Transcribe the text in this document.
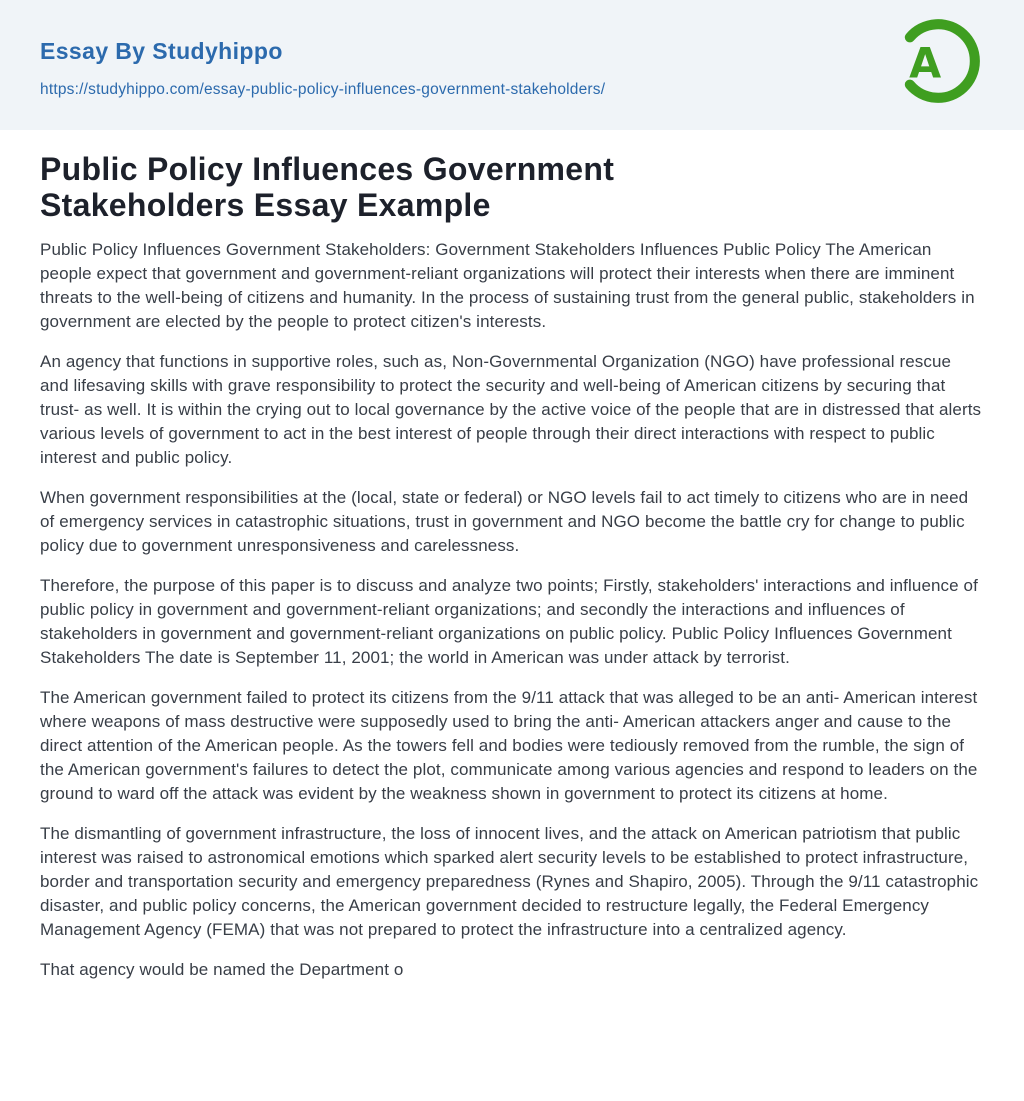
Essay By Studyhippo
https://studyhippo.com/essay-public-policy-influences-government-stakeholders/
A
Public Policy Influences Government Stakeholders Essay Example

Public Policy Influences Government Stakeholders: Government Stakeholders Influences Public Policy The American people expect that government and government-reliant organizations will protect their interests when there are imminent threats to the well-being of citizens and humanity. In the process of sustaining trust from the general public, stakeholders in government are elected by the people to protect citizen's interests.

An agency that functions in supportive roles, such as, Non-Governmental Organization (NGO) have professional rescue and lifesaving skills with grave responsibility to protect the security and well-being of American citizens by securing that trust- as well. It is within the crying out to local governance by the active voice of the people that are in distressed that alerts various levels of government to act in the best interest of people through their direct interactions with respect to public interest and public policy.

When government responsibilities at the (local, state or federal) or NGO levels fail to act timely to citizens who are in need of emergency services in catastrophic situations, trust in government and NGO become the battle cry for change to public policy due to government unresponsiveness and carelessness.

Therefore, the purpose of this paper is to discuss and analyze two points; Firstly, stakeholders' interactions and influence of public policy in government and government-reliant organizations; and secondly the interactions and influences of stakeholders in government and government-reliant organizations on public policy. Public Policy Influences Government Stakeholders The date is September 11, 2001; the world in American was under attack by terrorist.

The American government failed to protect its citizens from the 9/11 attack that was alleged to be an anti- American interest where weapons of mass destructive were supposedly used to bring the anti- American attackers anger and cause to the direct attention of the American people. As the towers fell and bodies were tediously removed from the rumble, the sign of the American government's failures to detect the plot, communicate among various agencies and respond to leaders on the ground to ward off the attack was evident by the weakness shown in government to protect its citizens at home.

The dismantling of government infrastructure, the loss of innocent lives, and the attack on American patriotism that public interest was raised to astronomical emotions which sparked alert security levels to be established to protect infrastructure, border and transportation security and emergency preparedness (Rynes and Shapiro, 2005). Through the 9/11 catastrophic disaster, and public policy concerns, the American government decided to restructure legally, the Federal Emergency Management Agency (FEMA) that was not prepared to protect the infrastructure into a centralized agency.

That agency would be named the Department o
